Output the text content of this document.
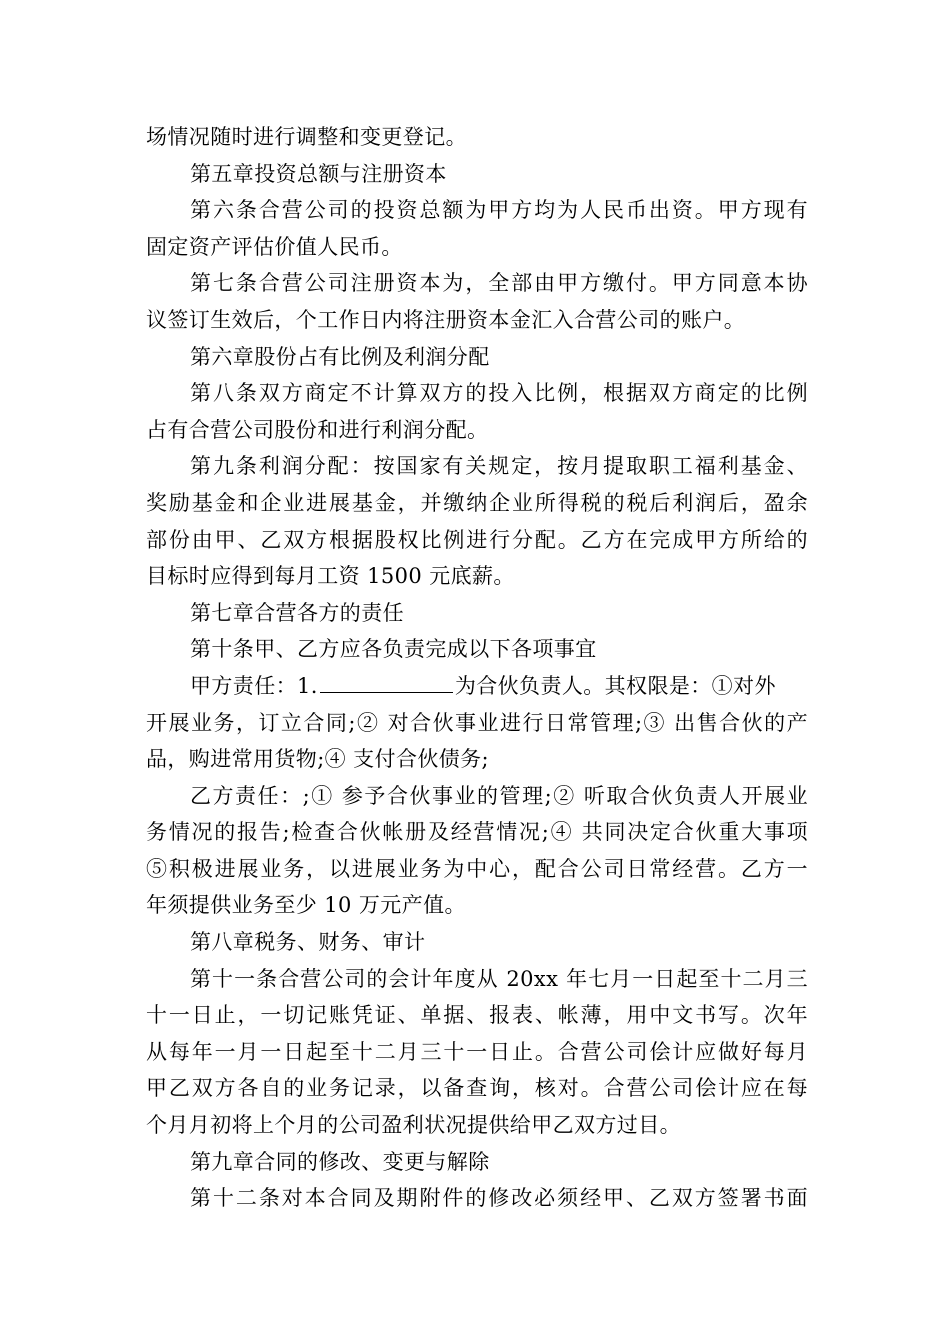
场情况随时进行调整和变更登记。
第五章投资总额与注册资本
第六条合营公司的投资总额为甲方均为人民币出资。甲方现有
固定资产评估价值人民币。
第七条合营公司注册资本为，全部由甲方缴付。甲方同意本协
议签订生效后，个工作日内将注册资本金汇入合营公司的账户。
第六章股份占有比例及利润分配
第八条双方商定不计算双方的投入比例，根据双方商定的比例
占有合营公司股份和进行利润分配。
第九条利润分配：按国家有关规定，按月提取职工福利基金、
奖励基金和企业进展基金，并缴纳企业所得税的税后利润后，盈余
部份由甲、乙双方根据股权比例进行分配。乙方在完成甲方所给的
目标时应得到每月工资 1500 元底薪。
第七章合营各方的责任
第十条甲、乙方应各负责完成以下各项事宜
甲方责任：1.	为合伙负责人。其权限是：①对外
开展业务，订立合同;② 对合伙事业进行日常管理;③ 出售合伙的产
品，购进常用货物;④ 支付合伙债务;
乙方责任：;① 参予合伙事业的管理;② 听取合伙负责人开展业
务情况的报告;检查合伙帐册及经营情况;④ 共同决定合伙重大事项
⑤积极进展业务，以进展业务为中心，配合公司日常经营。乙方一
年须提供业务至少 10 万元产值。
第八章税务、财务、审计
第十一条合营公司的会计年度从 20xx 年七月一日起至十二月三
十一日止，一切记账凭证、单据、报表、帐薄，用中文书写。次年
从每年一月一日起至十二月三十一日止。合营公司侩计应做好每月
甲乙双方各自的业务记录，以备查询，核对。合营公司侩计应在每
个月月初将上个月的公司盈利状况提供给甲乙双方过目。
第九章合同的修改、变更与解除
第十二条对本合同及期附件的修改必须经甲、乙双方签署书面
